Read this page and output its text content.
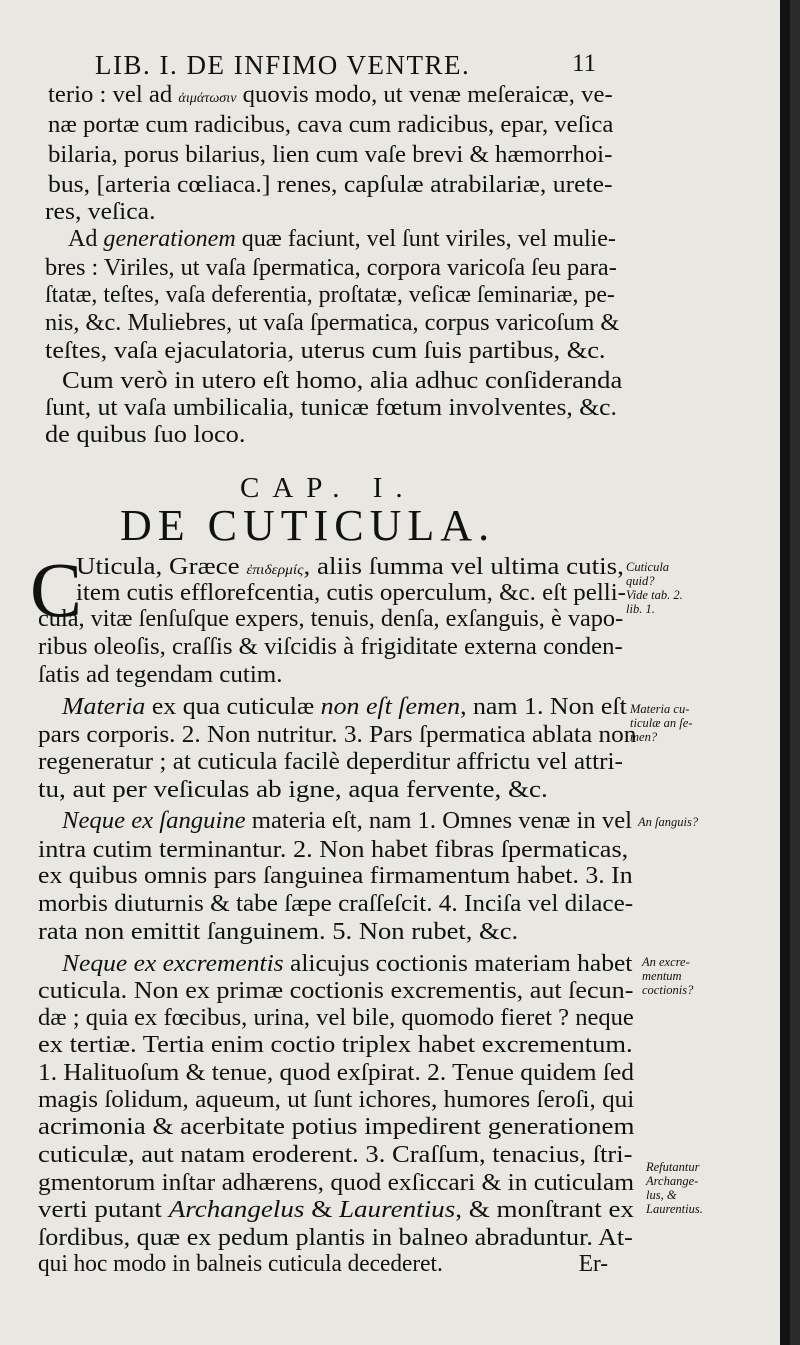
LIB. I. DE INFIMO VENTRE.	11
terio : vel ad ἀιμάτωσιν quovis modo, ut venæ meſeraicæ, ve-
næ portæ cum radicibus, cava cum radicibus, epar, veſica
bilaria, porus bilarius, lien cum vaſe brevi & hæmorrhoi-
bus, [arteria cœliaca.] renes, capſulæ atrabilariæ, urete-
res, veſica.
Ad generationem quæ faciunt, vel ſunt viriles, vel mulie-
bres : Viriles, ut vaſa ſpermatica, corpora varicoſa ſeu para-
ſtatæ, teſtes, vaſa deferentia, proſtatæ, veſicæ ſeminariæ, pe-
nis, &c. Muliebres, ut vaſa ſpermatica, corpus varicoſum &
teſtes, vaſa ejaculatoria, uterus cum ſuis partibus, &c.
Cum verò in utero eſt homo, alia adhuc conſideranda
ſunt, ut vaſa umbilicalia, tunicæ fœtum involventes, &c.
de quibus ſuo loco.
CAP. I.
DE CUTICULA.
C
Uticula, Græce ἐπιδερμίς, aliis ſumma vel ultima cutis,
item cutis efflorefcentia, cutis operculum, &c. eſt pelli-
cula, vitæ ſenſuſque expers, tenuis, denſa, exſanguis, è vapo-
ribus oleoſis, craſſis & viſcidis à frigiditate externa conden-
ſatis ad tegendam cutim.
Materia ex qua cuticulæ non eſt ſemen, nam 1. Non eſt
pars corporis. 2. Non nutritur. 3. Pars ſpermatica ablata non
regeneratur ; at cuticula facilè deperditur affrictu vel attri-
tu, aut per veſiculas ab igne, aqua fervente, &c.
Neque ex ſanguine materia eſt, nam 1. Omnes venæ in vel
intra cutim terminantur. 2. Non habet fibras ſpermaticas,
ex quibus omnis pars ſanguinea firmamentum habet. 3. In
morbis diuturnis & tabe ſæpe craſſeſcit. 4. Inciſa vel dilace-
rata non emittit ſanguinem. 5. Non rubet, &c.
Neque ex excrementis alicujus coctionis materiam habet
cuticula. Non ex primæ coctionis excrementis, aut ſecun-
dæ ; quia ex fœcibus, urina, vel bile, quomodo fieret ? neque
ex tertiæ. Tertia enim coctio triplex habet excrementum.
1. Halituoſum & tenue, quod exſpirat. 2. Tenue quidem ſed
magis ſolidum, aqueum, ut ſunt ichores, humores ſeroſi, qui
acrimonia & acerbitate potius impedirent generationem
cuticulæ, aut natam eroderent. 3. Craſſum, tenacius, ſtri-
gmentorum inſtar adhærens, quod exſiccari & in cuticulam
verti putant Archangelus & Laurentius, & monſtrant ex
ſordibus, quæ ex pedum plantis in balneo abraduntur. At-
qui hoc modo in balneis cuticula decederet.	Er-
Cuticula
quid?
Vide tab. 2.
lib. 1.
Materia cu-
ticulæ an ſe-
men?
An ſanguis?
An excre-
mentum
coctionis?
Refutantur
Archange-
lus, &
Laurentius.
